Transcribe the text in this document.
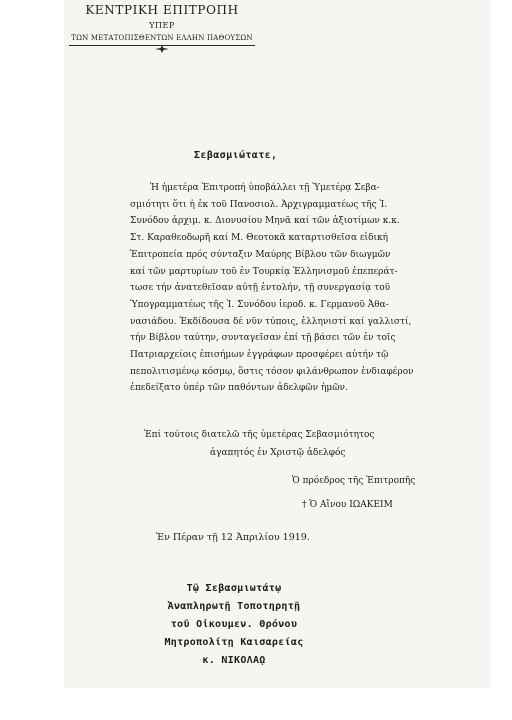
ΚΕΝΤΡΙΚΗ ΕΠΙΤΡΟΠΗ
ΥΠΕΡ
ΤΩΝ ΜΕΤΑΤΟΠΙΣΘΕΝΤΩΝ ΕΛΛΗΝ ΠΑΘΟΥΣΩΝ
Σεβασμιώτατε,
Ἡ ἡμετέρα Ἐπιτροπή ὑποβάλλει τῇ Ὑμετέρᾳ Σεβα-
σμιότητι ὅτι ἡ ἐκ τοῦ Πανοσιολ. Ἀρχιγραμματέως τῆς Ἰ.
Συνόδου ἀρχιμ. κ. Διονυσίου Μηνᾶ καί τῶν ἀξιοτίμων κ.κ.
Στ. Καραθεοδωρῆ καί Μ. Θεοτοκᾶ καταρτισθεῖσα εἰδική
Ἐπιτροπεία πρός σύνταξιν Μαύρης Βίβλου τῶν διωγμῶν
καί τῶν μαρτυρίων τοῦ ἐν Τουρκίᾳ Ἑλληνισμοῦ ἐπεπεράτ-
τωσε τήν ἀνατεθεῖσαν αὐτῇ ἐντολήν, τῇ συνεργασίᾳ τοῦ
Ὑπογραμματέως τῆς Ἰ. Συνόδου ἱεροδ. κ. Γερμανοῦ Ἀθα-
νασιάδου. Ἐκδίδουσα δέ νῦν τύποις, ἑλληνιστί καί γαλλιστί,
τήν Βίβλον ταύτην, συνταγεῖσαν ἐπί τῇ βάσει τῶν ἐν τοῖς
Πατριαρχείοις ἐπισήμων ἐγγράφων προσφέρει αὐτήν τῷ
πεπολιτισμένῳ κόσμῳ, ὅστις τόσον φιλάνθρωπον ἐνδιαφέρον
ἐπεδείξατο ὑπέρ τῶν παθόντων ἀδελφῶν ἡμῶν.
Ἐπί τούτοις διατελῶ τῆς ὑμετέρας Σεβασμιότητος
ἀγαπητός ἐν Χριστῷ ἀδελφός
Ὁ πρόεδρος τῆς Ἐπιτροπῆς
† Ὁ Αἴνου ΙΩΑΚΕΙΜ
Ἐν Πέραν τῇ 12 Ἀπριλίου 1919.
Τῷ Σεβασμιωτάτῳ
Ἀναπληρωτῇ Τοποτηρητῇ
τοῦ Οἰκουμεν. Θρόνου
Μητροπολίτῃ Καισαρείας
κ. ΝΙΚΟΛΑῼ
